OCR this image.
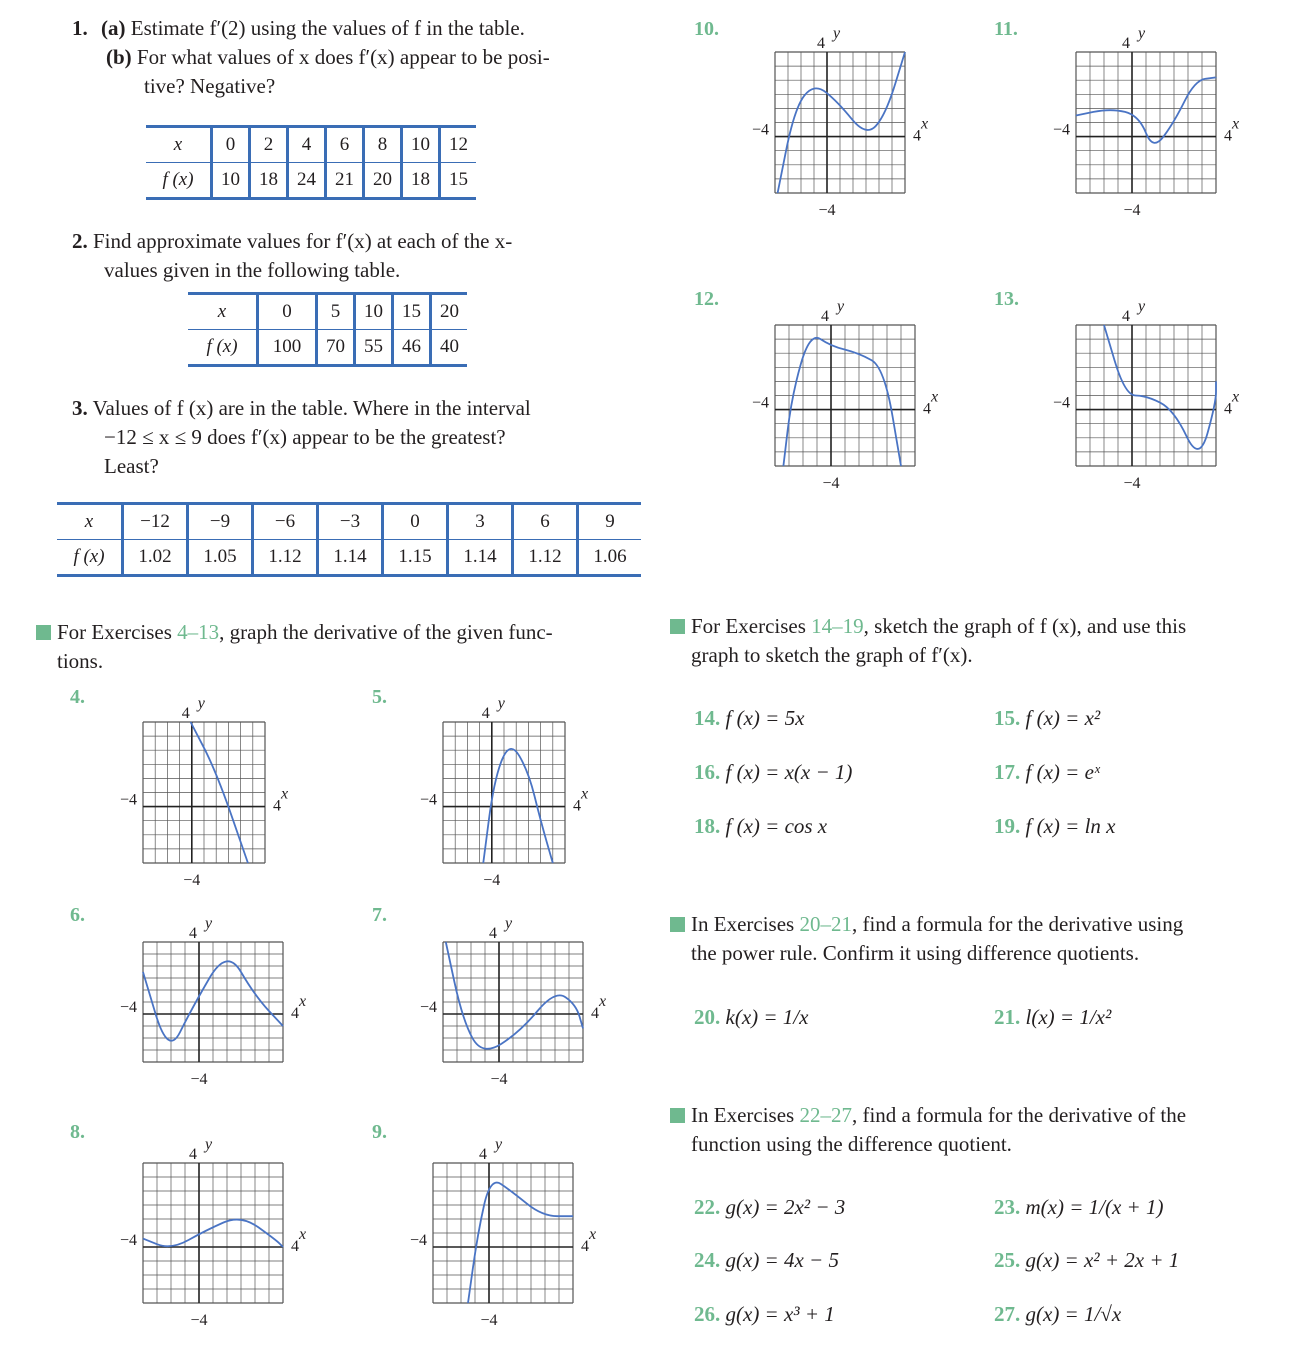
1. (a) Estimate f′(2) using the values of f in the table.
(b) For what values of x does f′(x) appear to be posi-
tive? Negative?
x	0	2	4	6	8	10	12
f (x)	10	18	24	21	20	18	15
2. Find approximate values for f′(x) at each of the x-
values given in the following table.
x	0	5	10	15	20
f (x)	100	70	55	46	40
3. Values of f (x) are in the table. Where in the interval
−12 ≤ x ≤ 9 does f′(x) appear to be the greatest?
Least?
x	−12	−9	−6	−3	0	3	6	9
f (x)	1.02	1.05	1.12	1.14	1.15	1.14	1.12	1.06
For Exercises 4–13, graph the derivative of the given func-
tions.
For Exercises 14–19, sketch the graph of f (x), and use this
graph to sketch the graph of f′(x).
14. f (x) = 5x	15. f (x) = x²
16. f (x) = x(x − 1)	17. f (x) = eˣ
18. f (x) = cos x	19. f (x) = ln x
In Exercises 20–21, find a formula for the derivative using
the power rule. Confirm it using difference quotients.
20. k(x) = 1/x	21. l(x) = 1/x²
In Exercises 22–27, find a formula for the derivative of the
function using the difference quotient.
22. g(x) = 2x² − 3	23. m(x) = 1/(x + 1)
24. g(x) = 4x − 5	25. g(x) = x² + 2x + 1
26. g(x) = x³ + 1	27. g(x) = 1/√x
4.
4
y
−4	4
x
−4
5.
4
y
−4	4
x
−4
6.
4
y
−4	4
x
−4
7.
4
y
−4	4
x
−4
8.
4
y
−4	4
x
−4
9.
4
y
−4	4
x
−4
10.
4
y
−4	4
x
−4
11.
4
y
−4	4
x
−4
12.
4
y
−4	4
x
−4
13.
4
y
−4	4
x
−4
